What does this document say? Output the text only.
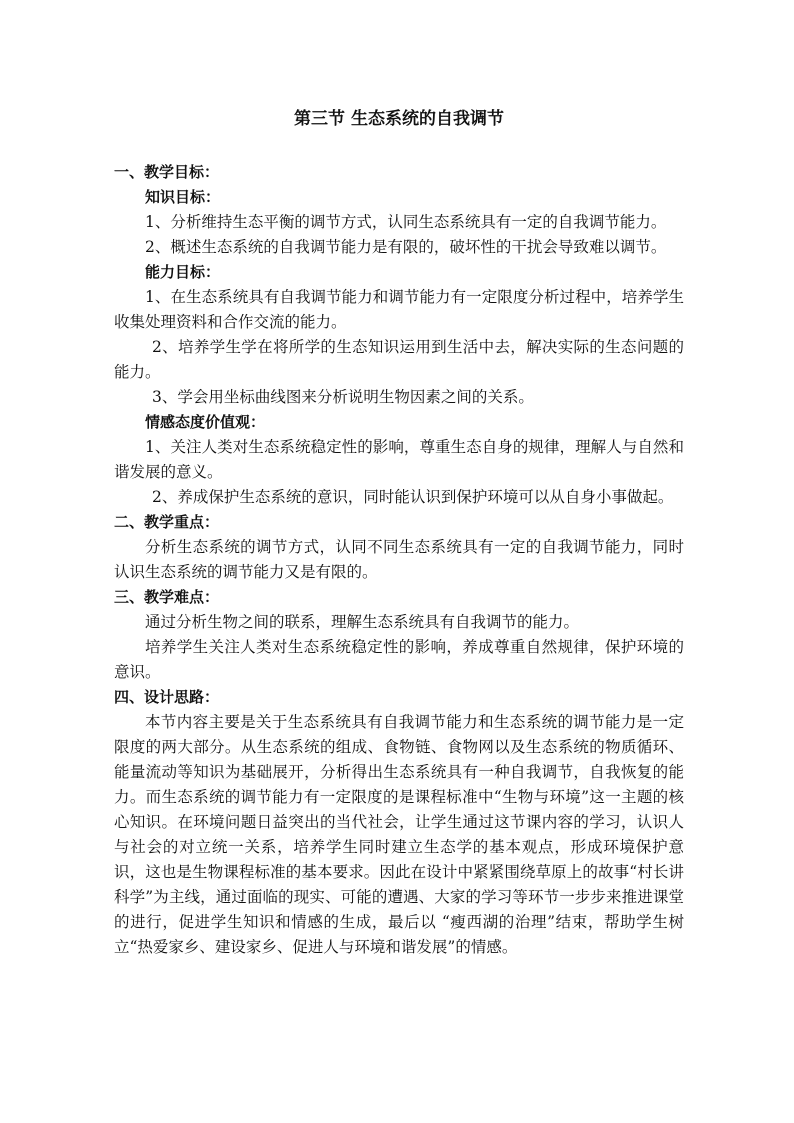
第三节 生态系统的自我调节

一、教学目标：

知识目标：

1、分析维持生态平衡的调节方式，认同生态系统具有一定的自我调节能力。

2、概述生态系统的自我调节能力是有限的，破坏性的干扰会导致难以调节。

能力目标：

1、在生态系统具有自我调节能力和调节能力有一定限度分析过程中，培养学生收集处理资料和合作交流的能力。

2、培养学生学在将所学的生态知识运用到生活中去，解决实际的生态问题的能力。

3、学会用坐标曲线图来分析说明生物因素之间的关系。

情感态度价值观：

1、关注人类对生态系统稳定性的影响，尊重生态自身的规律，理解人与自然和谐发展的意义。

2、养成保护生态系统的意识，同时能认识到保护环境可以从自身小事做起。

二、教学重点：

分析生态系统的调节方式，认同不同生态系统具有一定的自我调节能力，同时认识生态系统的调节能力又是有限的。

三、教学难点：

通过分析生物之间的联系，理解生态系统具有自我调节的能力。

培养学生关注人类对生态系统稳定性的影响，养成尊重自然规律，保护环境的意识。

四、设计思路：

本节内容主要是关于生态系统具有自我调节能力和生态系统的调节能力是一定限度的两大部分。从生态系统的组成、食物链、食物网以及生态系统的物质循环、能量流动等知识为基础展开，分析得出生态系统具有一种自我调节，自我恢复的能力。而生态系统的调节能力有一定限度的是课程标准中“生物与环境”这一主题的核心知识。在环境问题日益突出的当代社会，让学生通过这节课内容的学习，认识人与社会的对立统一关系，培养学生同时建立生态学的基本观点，形成环境保护意识，这也是生物课程标准的基本要求。因此在设计中紧紧围绕草原上的故事“村长讲科学”为主线，通过面临的现实、可能的遭遇、大家的学习等环节一步步来推进课堂的进行，促进学生知识和情感的生成，最后以 “瘦西湖的治理”结束，帮助学生树立“热爱家乡、建设家乡、促进人与环境和谐发展”的情感。
